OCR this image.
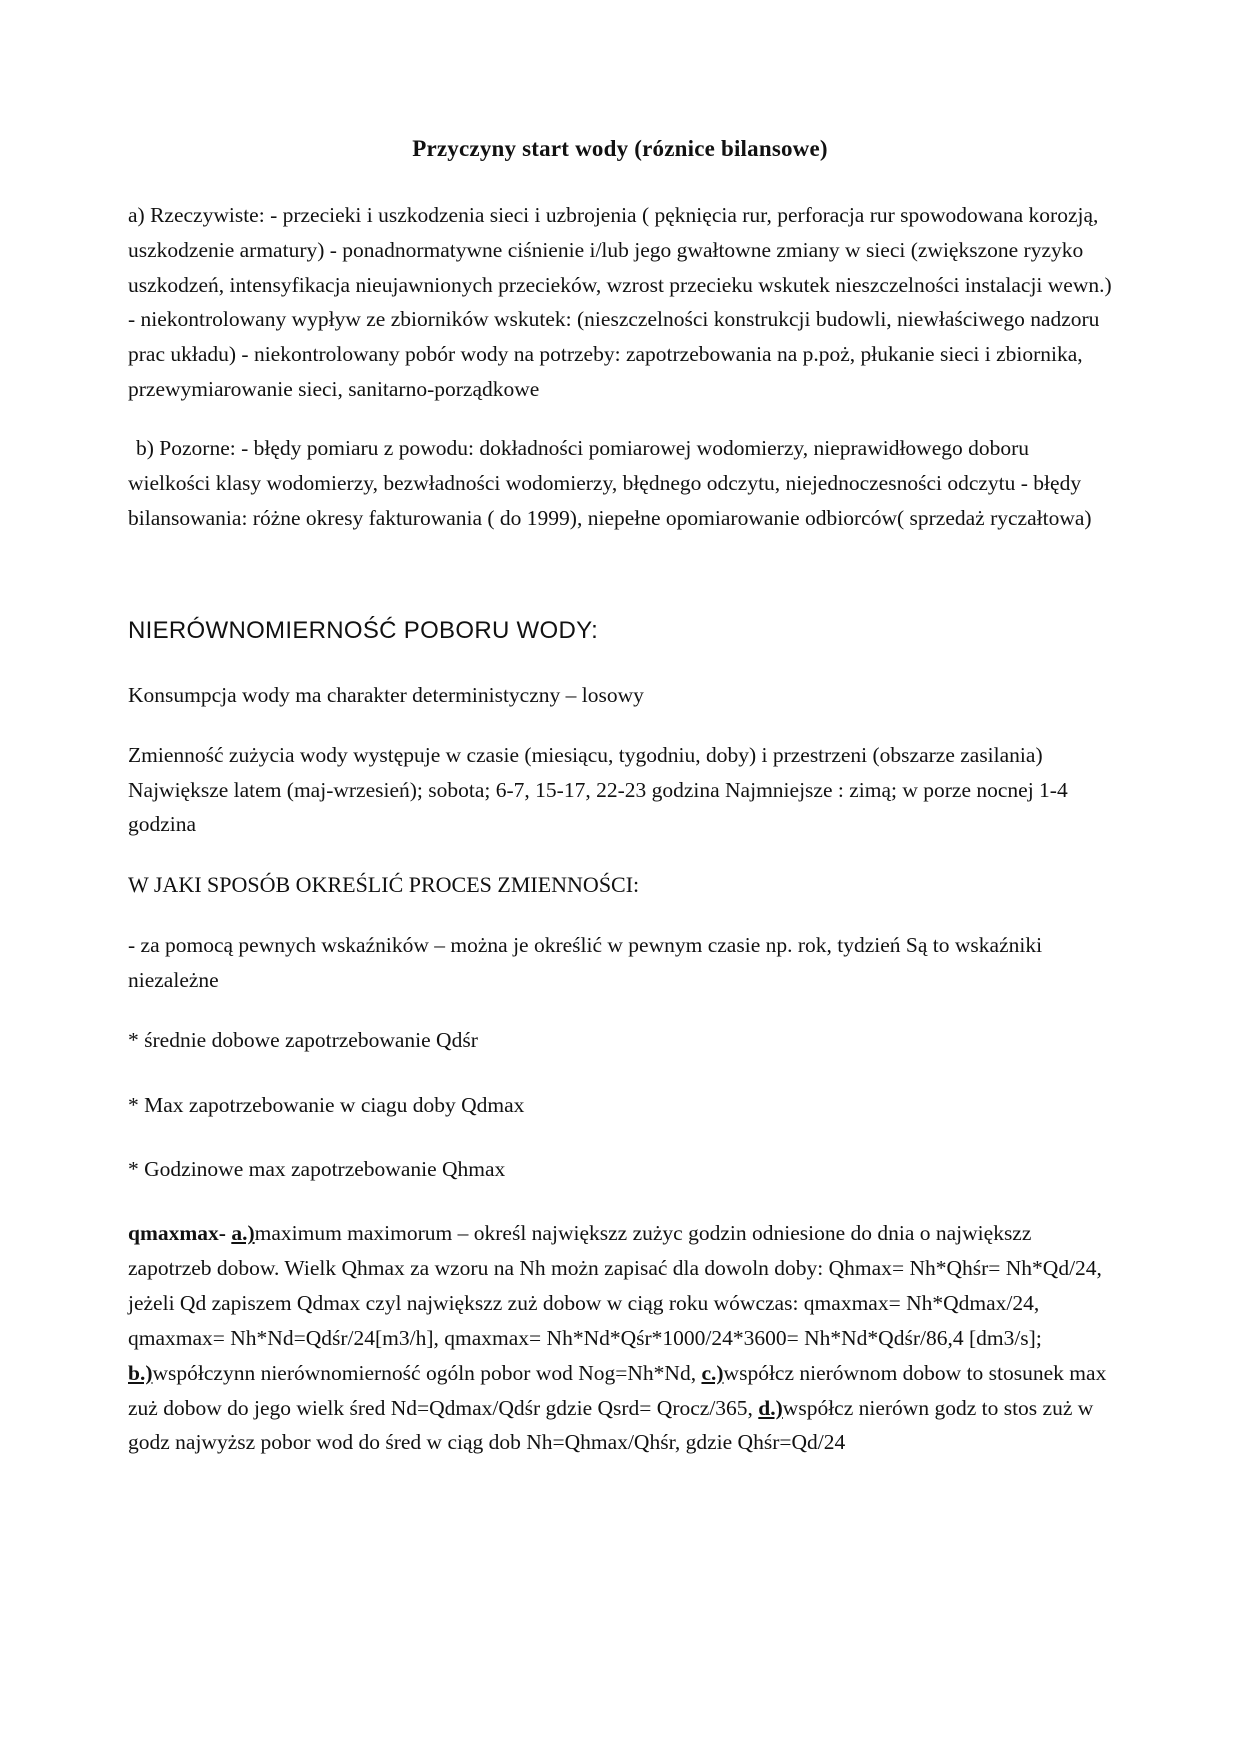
Przyczyny start wody (róznice bilansowe)

a) Rzeczywiste: - przecieki i uszkodzenia sieci i uzbrojenia ( pęknięcia rur, perforacja rur spowodowana korozją, uszkodzenie armatury) - ponadnormatywne ciśnienie i/lub jego gwałtowne zmiany w sieci (zwiększone ryzyko uszkodzeń, intensyfikacja nieujawnionych przecieków, wzrost przecieku wskutek nieszczelności instalacji wewn.) - niekontrolowany wypływ ze zbiorników wskutek: (nieszczelności konstrukcji budowli, niewłaściwego nadzoru prac układu) - niekontrolowany pobór wody na potrzeby: zapotrzebowania na p.poż, płukanie sieci i zbiornika, przewymiarowanie sieci, sanitarno-porządkowe

b) Pozorne: - błędy pomiaru z powodu: dokładności pomiarowej wodomierzy, nieprawidłowego doboru wielkości klasy wodomierzy, bezwładności wodomierzy, błędnego odczytu, niejednoczesności odczytu - błędy bilansowania: różne okresy fakturowania ( do 1999), niepełne opomiarowanie odbiorców( sprzedaż ryczałtowa)

NIERÓWNOMIERNOŚĆ POBORU WODY:

Konsumpcja wody ma charakter deterministyczny – losowy

Zmienność zużycia wody występuje w czasie (miesiącu, tygodniu, doby) i przestrzeni (obszarze zasilania) Największe latem (maj-wrzesień); sobota; 6-7, 15-17, 22-23 godzina Najmniejsze : zimą; w porze nocnej 1-4 godzina

W JAKI SPOSÓB OKREŚLIĆ PROCES ZMIENNOŚCI:

- za pomocą pewnych wskaźników – można je określić w pewnym czasie np. rok, tydzień Są to wskaźniki niezależne

* średnie dobowe zapotrzebowanie Qdśr

* Max zapotrzebowanie w ciagu doby Qdmax

* Godzinowe max zapotrzebowanie Qhmax

qmaxmax- a.)maximum maximorum – określ największz zużyc godzin odniesione do dnia o największz zapotrzeb dobow. Wielk Qhmax za wzoru na Nh możn zapisać dla dowoln doby: Qhmax= Nh*Qhśr= Nh*Qd/24, jeżeli Qd zapiszem Qdmax czyl największz zuż dobow w ciąg roku wówczas: qmaxmax= Nh*Qdmax/24, qmaxmax= Nh*Nd=Qdśr/24[m3/h], qmaxmax= Nh*Nd*Qśr*1000/24*3600= Nh*Nd*Qdśr/86,4 [dm3/s]; b.)współczynn nierównomierność ogóln pobor wod Nog=Nh*Nd, c.)współcz nierównom dobow to stosunek max zuż dobow do jego wielk śred Nd=Qdmax/Qdśr gdzie Qsrd= Qrocz/365, d.)współcz nierówn godz to stos zuż w godz najwyższ pobor wod do śred w ciąg dob Nh=Qhmax/Qhśr, gdzie Qhśr=Qd/24
